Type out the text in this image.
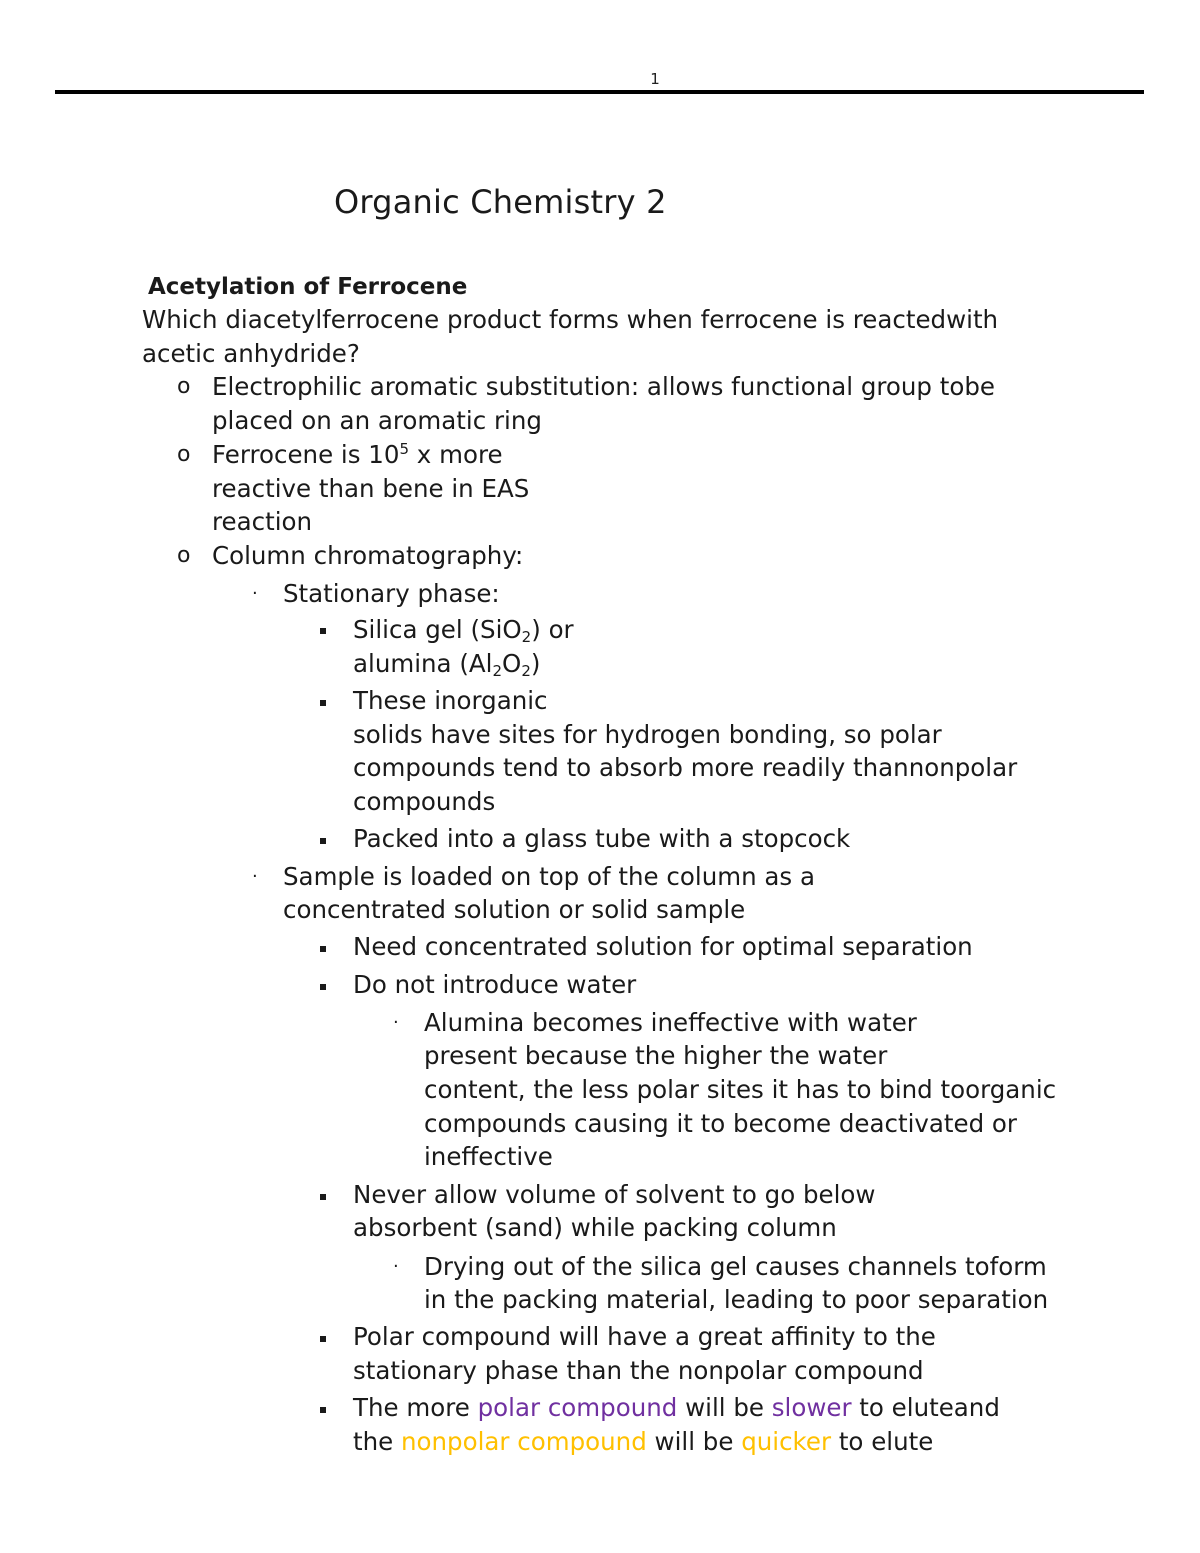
1
Organic Chemistry 2
Acetylation of Ferrocene
Which diacetylferrocene product forms when ferrocene is reactedwith
acetic anhydride?
o Electrophilic aromatic substitution: allows functional group tobe
placed on an aromatic ring
o Ferrocene is $10^5$ x more
reactive than bene in EAS
reaction
o Column chromatography:
· Stationary phase:
Silica gel (SiO$_2$) or
alumina $(Al_2O_2)$
These inorganic
solids have sites for hydrogen bonding, so polar
compounds tend to absorb more readily thannonpolar
compounds
Packed into a glass tube with a stopcock
· Sample is loaded on top of the column as a
concentrated solution or solid sample
Need concentrated solution for optimal separation
Do not introduce water
· Alumina becomes ineffective with water
present because the higher the water
content, the less polar sites it has to bind toorganic
compounds causing it to become deactivated or
ineffective
Never allow volume of solvent to go below
absorbent (sand) while packing column
· Drying out of the silica gel causes channels toform
in the packing material, leading to poor separation
Polar compound will have a great affinity to the
stationary phase than the nonpolar compound
The more polar compound will be slower to eluteand
the nonpolar compound will be quicker to elute
